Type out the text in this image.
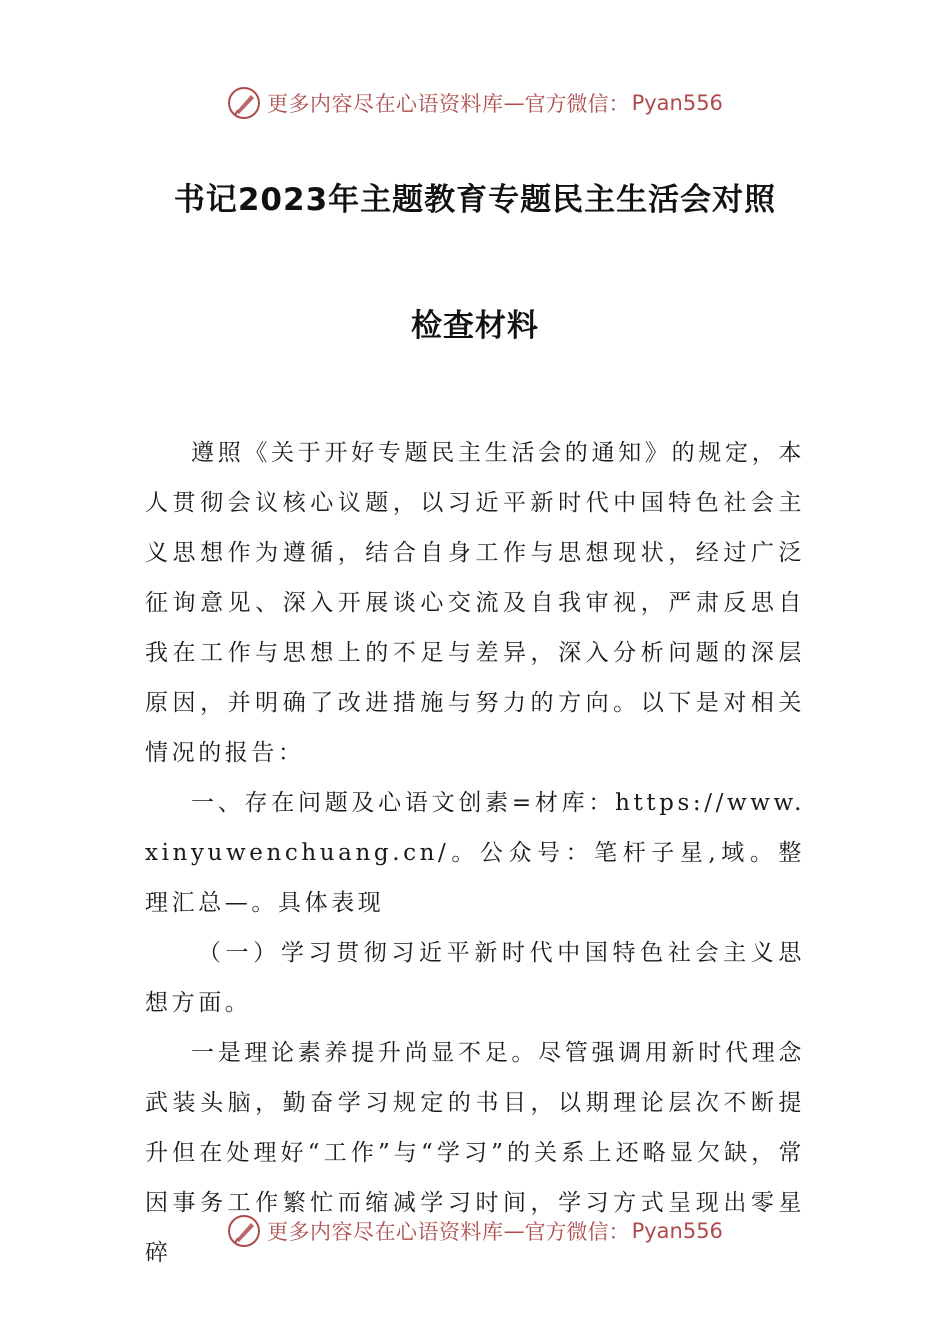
更多内容尽在心语资料库 — 官方微信： Pyan556
书记2023年主题教育专题民主生活会对照
检查材料

遵照《关于开好专题民主生活会的通知》的规定，本人贯彻会议核心议题，以习近平新时代中国特色社会主义思想作为遵循，结合自身工作与思想现状，经过广泛征询意见、深入开展谈心交流及自我审视，严肃反思自我在工作与思想上的不足与差异，深入分析问题的深层原因，并明确了改进措施与努力的方向。以下是对相关情况的报告：

一、存在问题及心语文创素=材库：https://www.xinyuwenchuang.cn/。公众号：笔杆子星,域。整理汇总—。具体表现

（一）学习贯彻习近平新时代中国特色社会主义思想方面。

一是理论素养提升尚显不足。尽管强调用新时代理念武装头脑，勤奋学习规定的书目，以期理论层次不断提升但在处理好“工作”与“学习”的关系上还略显欠缺，常因事务工作繁忙而缩减学习时间，学习方式呈现出零星碎

更多内容尽在心语资料库 — 官方微信： Pyan556
